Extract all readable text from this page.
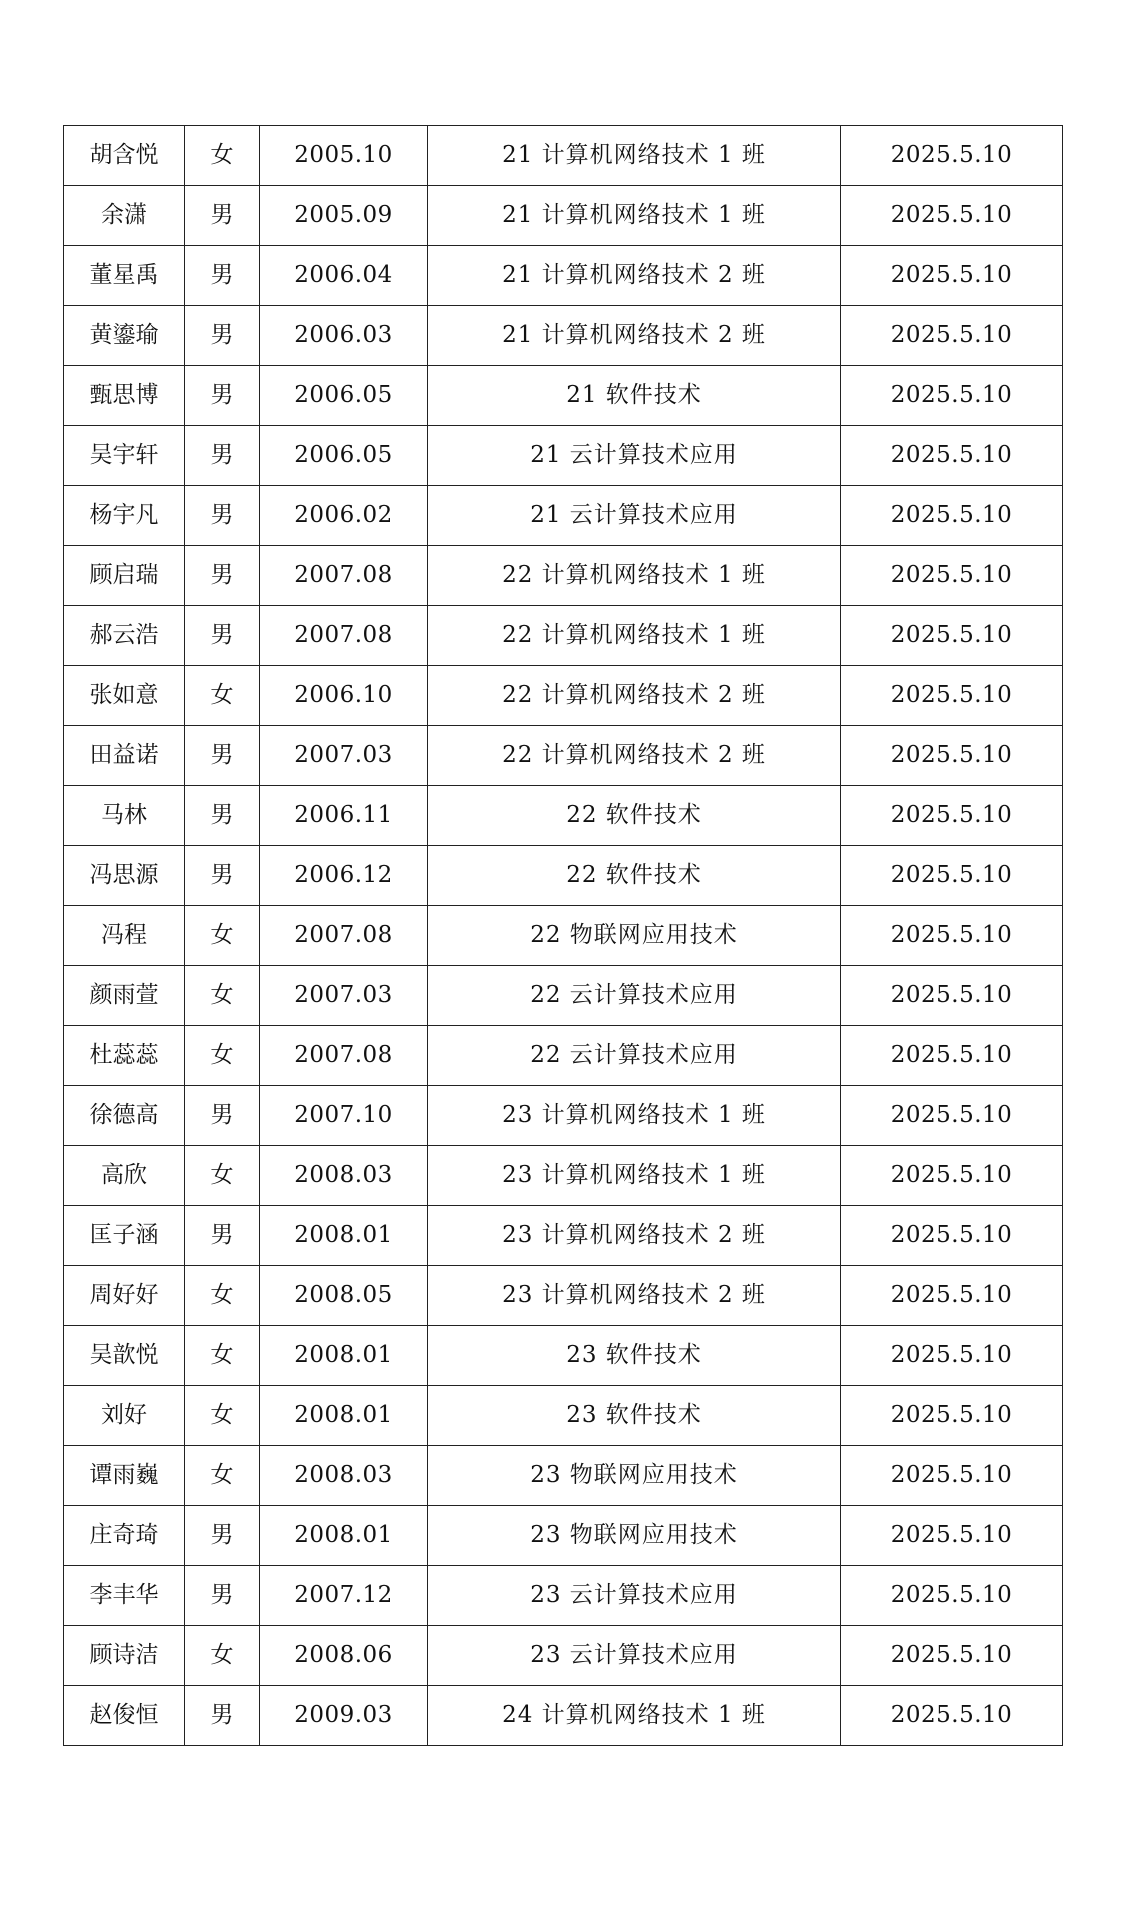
胡含悦	女	2005.10	21 计算机网络技术 1 班	2025.5.10
余潇	男	2005.09	21 计算机网络技术 1 班	2025.5.10
董星禹	男	2006.04	21 计算机网络技术 2 班	2025.5.10
黄鎏瑜	男	2006.03	21 计算机网络技术 2 班	2025.5.10
甄思博	男	2006.05	21 软件技术	2025.5.10
吴宇轩	男	2006.05	21 云计算技术应用	2025.5.10
杨宇凡	男	2006.02	21 云计算技术应用	2025.5.10
顾启瑞	男	2007.08	22 计算机网络技术 1 班	2025.5.10
郝云浩	男	2007.08	22 计算机网络技术 1 班	2025.5.10
张如意	女	2006.10	22 计算机网络技术 2 班	2025.5.10
田益诺	男	2007.03	22 计算机网络技术 2 班	2025.5.10
马林	男	2006.11	22 软件技术	2025.5.10
冯思源	男	2006.12	22 软件技术	2025.5.10
冯程	女	2007.08	22 物联网应用技术	2025.5.10
颜雨萱	女	2007.03	22 云计算技术应用	2025.5.10
杜蕊蕊	女	2007.08	22 云计算技术应用	2025.5.10
徐德高	男	2007.10	23 计算机网络技术 1 班	2025.5.10
高欣	女	2008.03	23 计算机网络技术 1 班	2025.5.10
匡子涵	男	2008.01	23 计算机网络技术 2 班	2025.5.10
周好好	女	2008.05	23 计算机网络技术 2 班	2025.5.10
吴歆悦	女	2008.01	23 软件技术	2025.5.10
刘好	女	2008.01	23 软件技术	2025.5.10
谭雨巍	女	2008.03	23 物联网应用技术	2025.5.10
庄奇琦	男	2008.01	23 物联网应用技术	2025.5.10
李丰华	男	2007.12	23 云计算技术应用	2025.5.10
顾诗洁	女	2008.06	23 云计算技术应用	2025.5.10
赵俊恒	男	2009.03	24 计算机网络技术 1 班	2025.5.10
